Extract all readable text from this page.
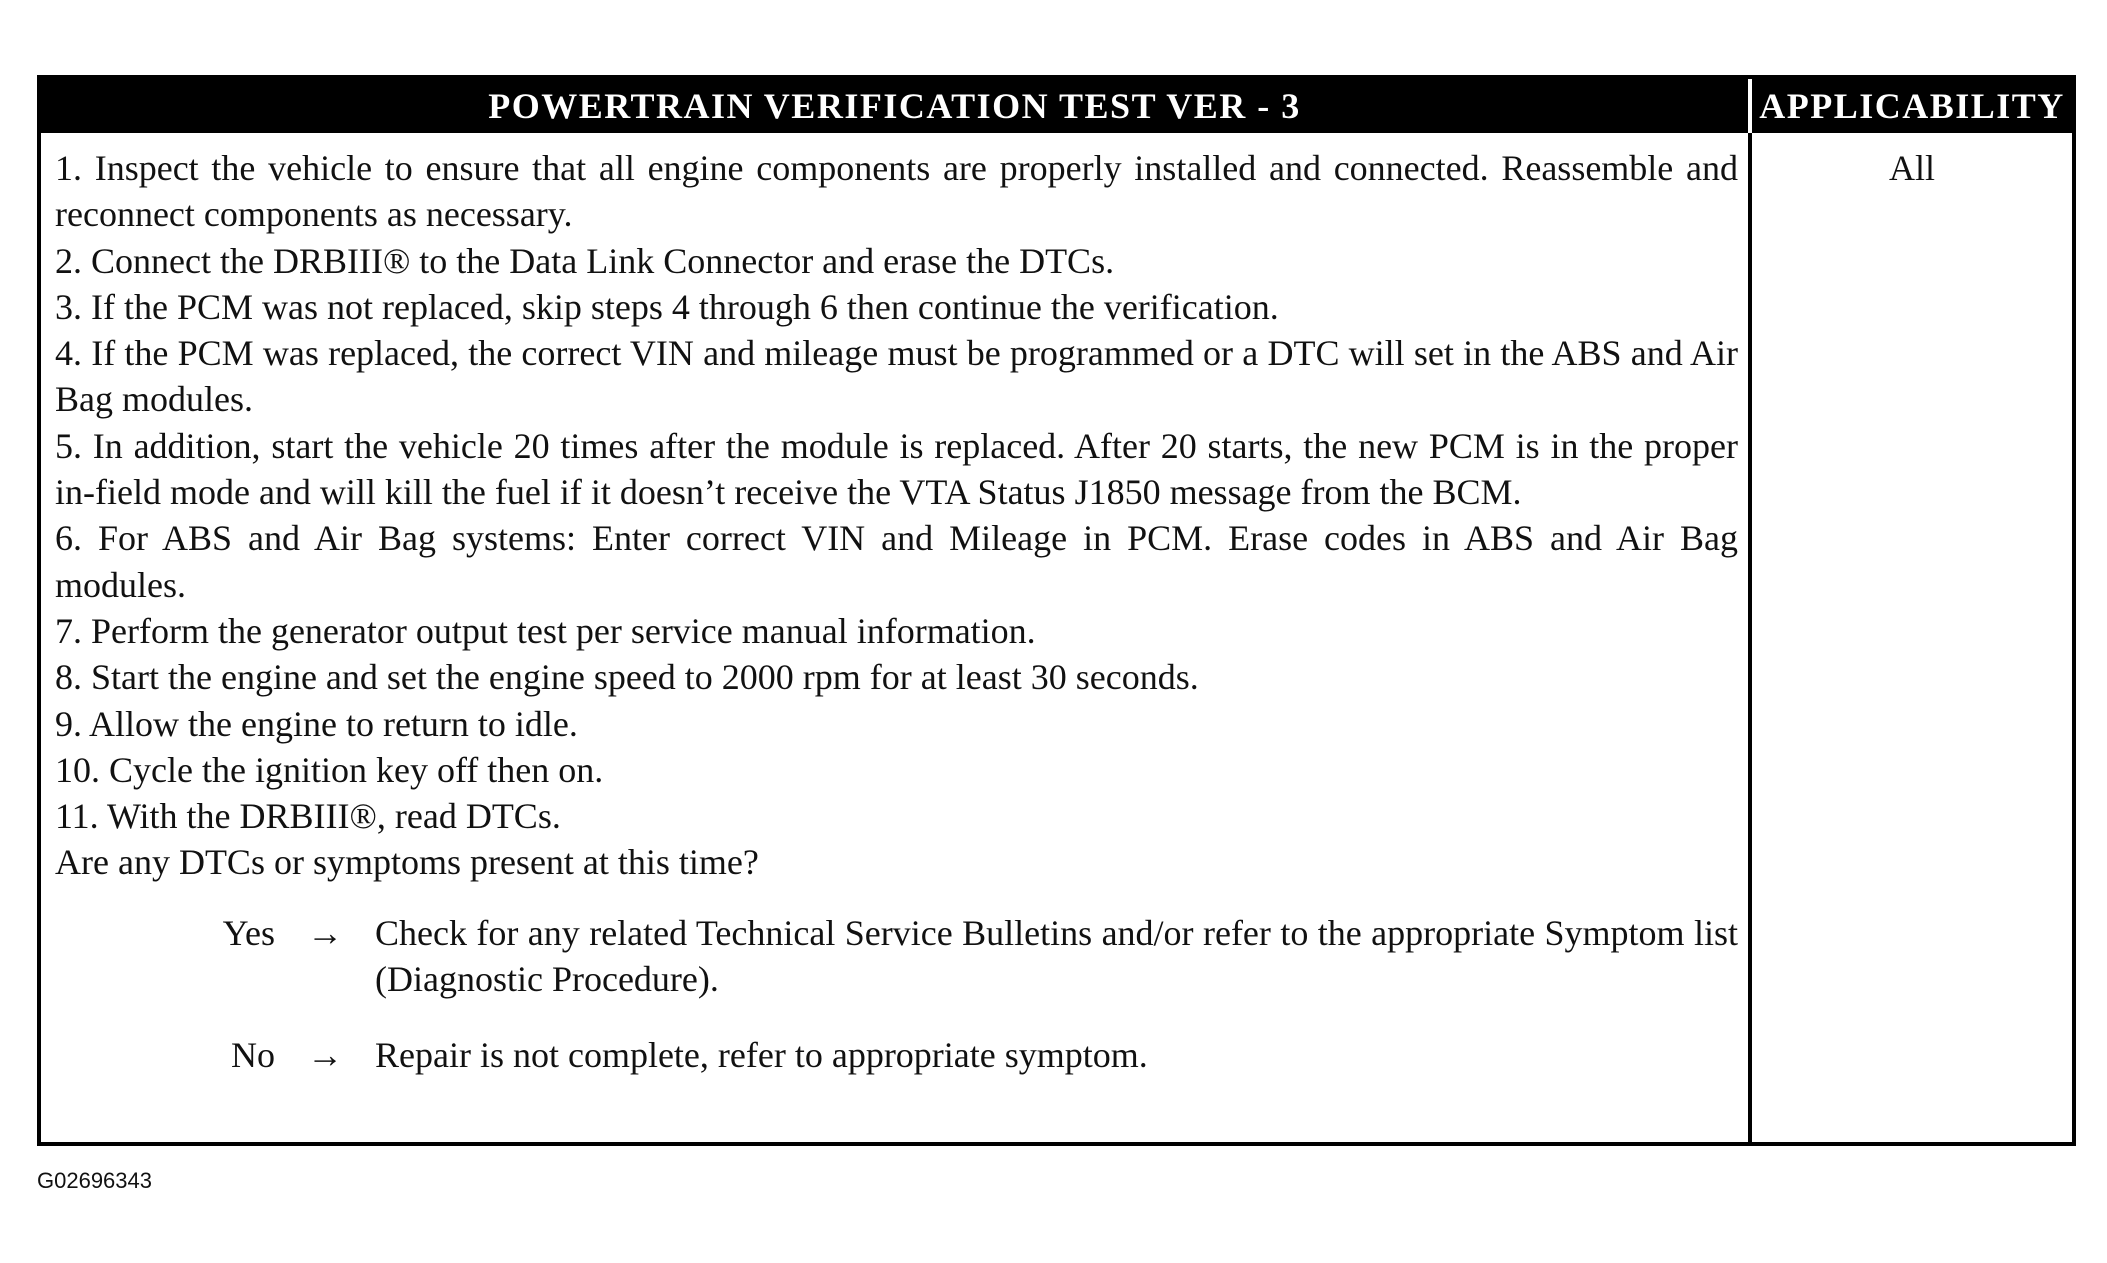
POWERTRAIN VERIFICATION TEST VER - 3	APPLICABILITY

1. Inspect the vehicle to ensure that all engine components are properly installed and connected. Reassemble and reconnect components as necessary.

2. Connect the DRBIII® to the Data Link Connector and erase the DTCs.

3. If the PCM was not replaced, skip steps 4 through 6 then continue the verification.

4. If the PCM was replaced, the correct VIN and mileage must be programmed or a DTC will set in the ABS and Air Bag modules.

5. In addition, start the vehicle 20 times after the module is replaced. After 20 starts, the new PCM is in the proper in-field mode and will kill the fuel if it doesn’t receive the VTA Status J1850 message from the BCM.

6. For ABS and Air Bag systems: Enter correct VIN and Mileage in PCM. Erase codes in ABS and Air Bag modules.

7. Perform the generator output test per service manual information.

8. Start the engine and set the engine speed to 2000 rpm for at least 30 seconds.

9. Allow the engine to return to idle.

10. Cycle the ignition key off then on.

11. With the DRBIII®, read DTCs.

Are any DTCs or symptoms present at this time?

Yes → Check for any related Technical Service Bulletins and/or refer to the appropriate Symptom list (Diagnostic Procedure).
No → Repair is not complete, refer to appropriate symptom.
All
G02696343
